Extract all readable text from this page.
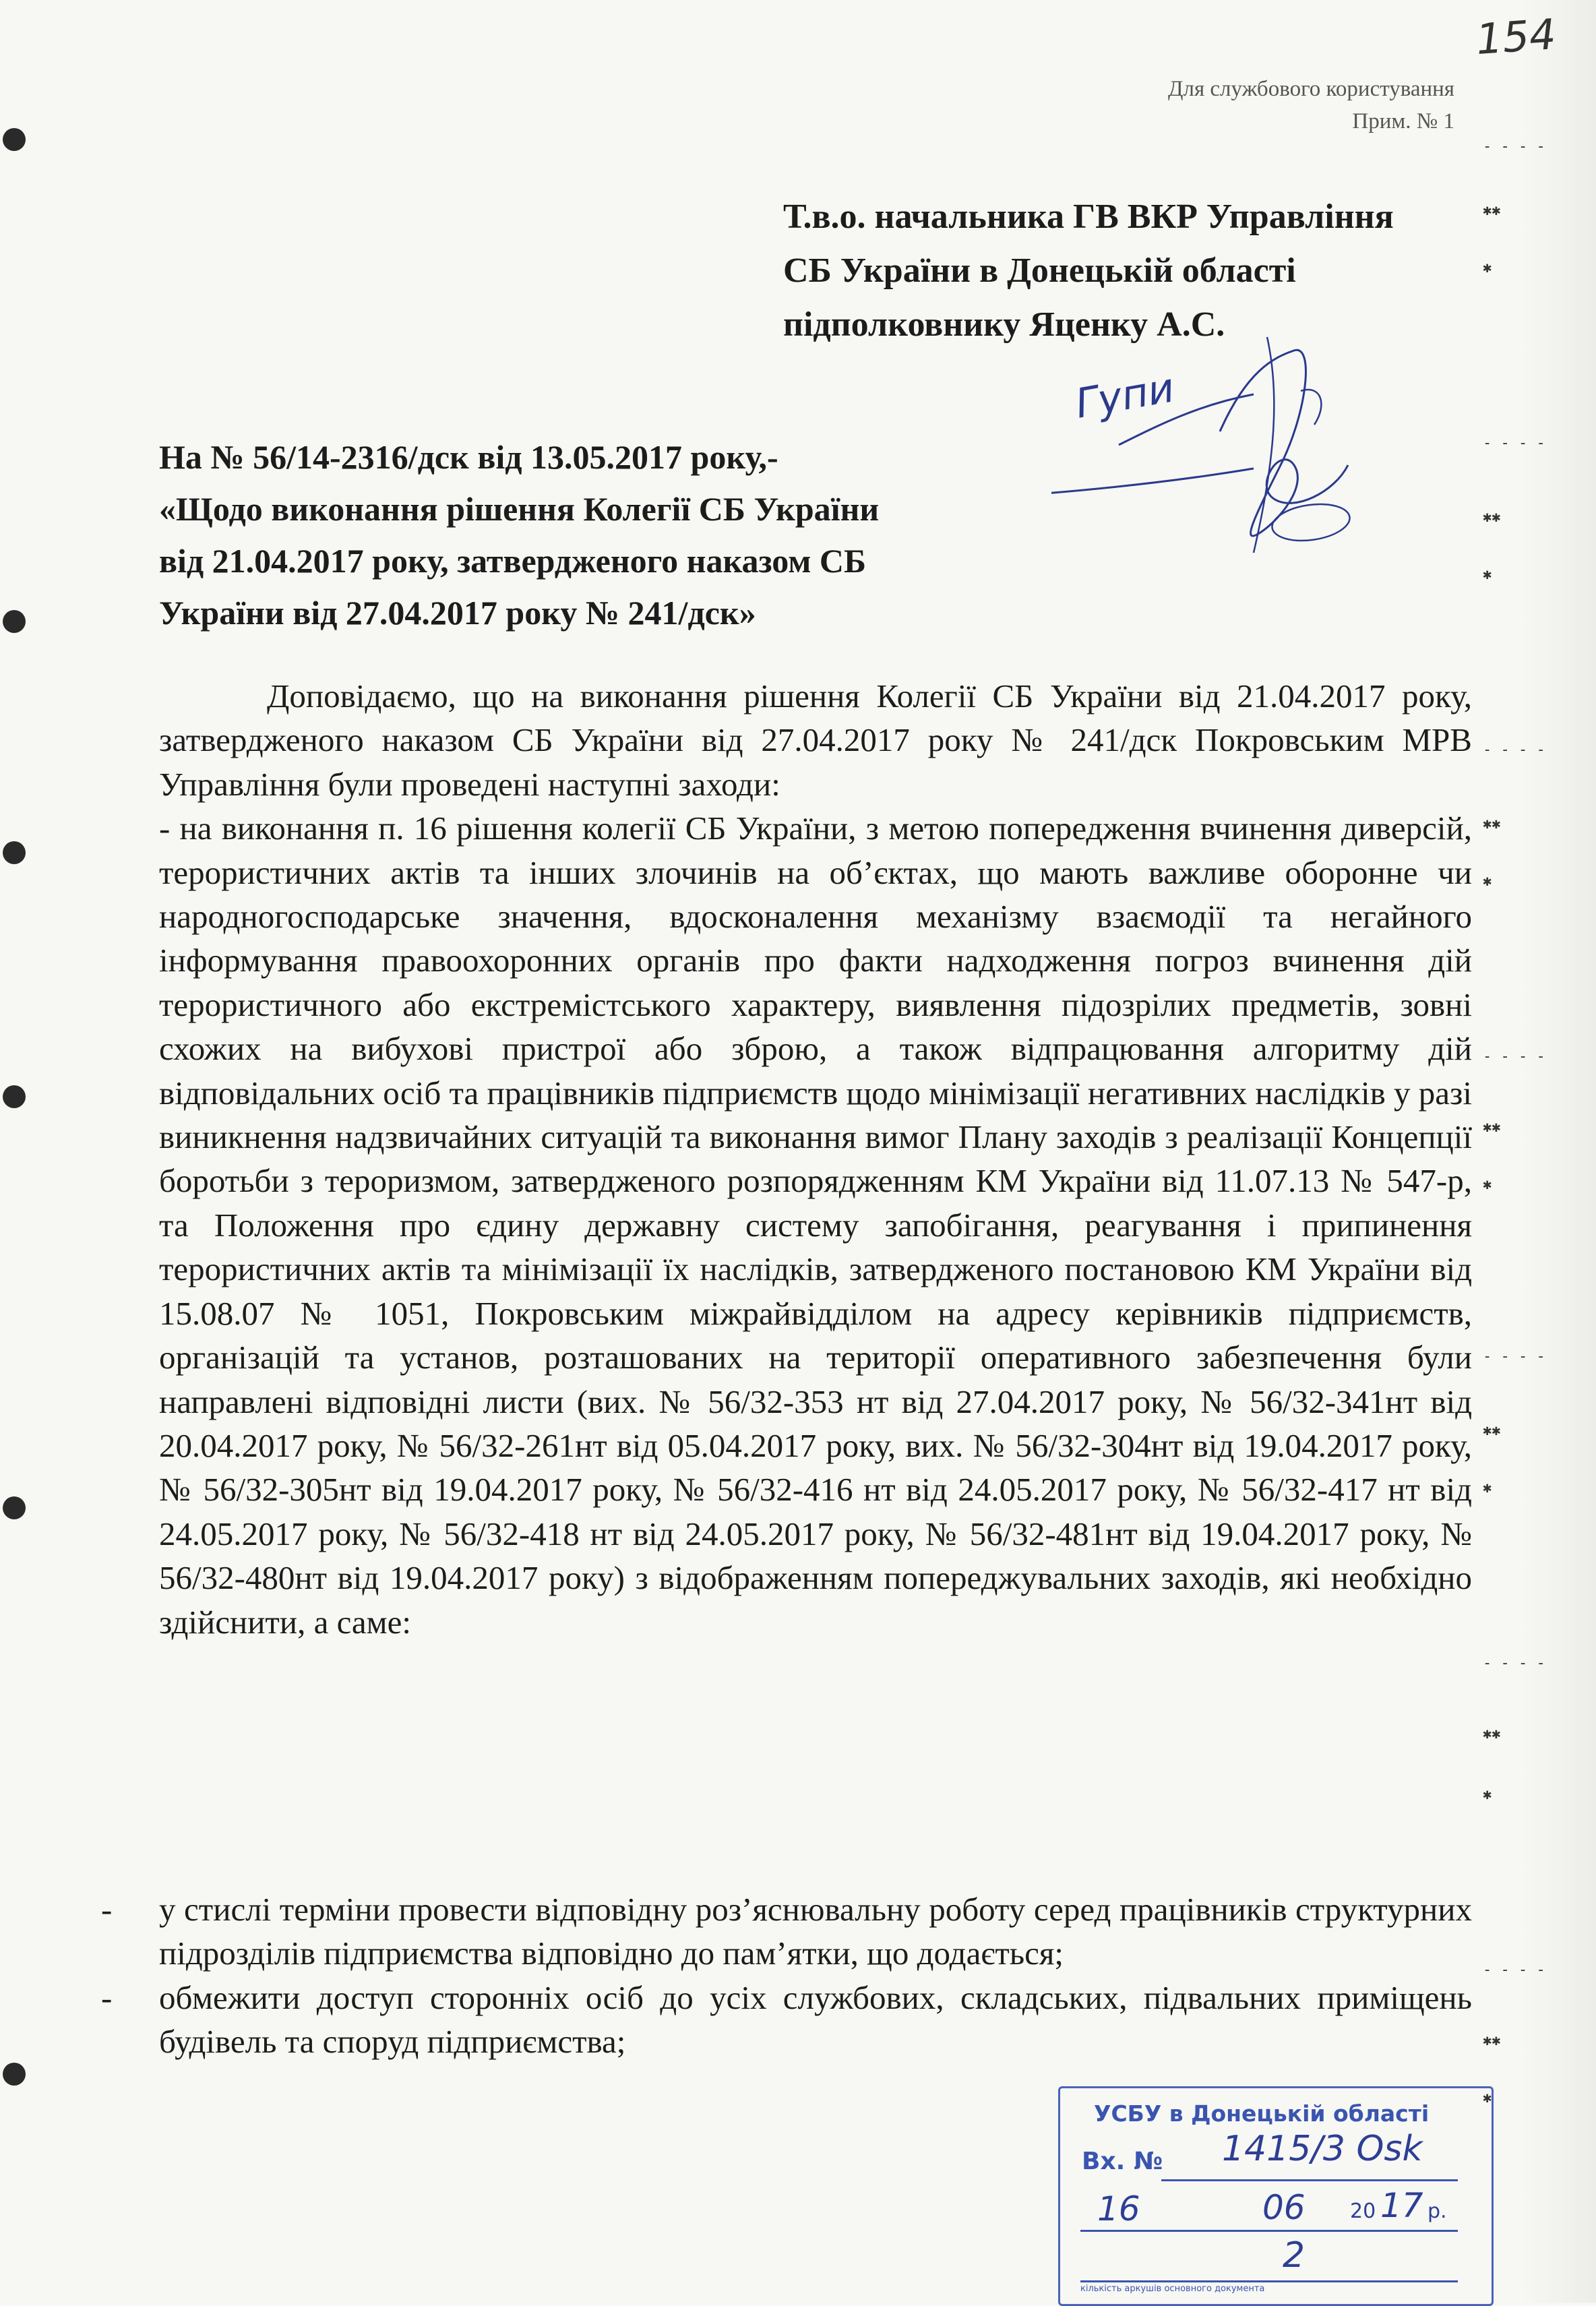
- - - -
✱✱
✱
- - - -
✱✱
✱
- - - -
✱✱
✱
- - - -
✱✱
✱
- - - -
✱✱
✱
- - - -
✱✱
✱
- - - -
✱✱
✱
154
Для службового користування
Прим. № 1
Т.в.о. начальника ГВ ВКР Управління
СБ України в Донецькій області
підполковнику Яценку А.С.
На № 56/14-2316/дск від 13.05.2017 року,-
«Щодо виконання рішення Колегії СБ України
від 21.04.2017 року, затвердженого наказом СБ
України від 27.04.2017 року № 241/дск»
Гупи

Доповідаємо, що на виконання рішення Колегії СБ України від 21.04.2017 року, затвердженого наказом СБ України від 27.04.2017 року № 241/дск Покровським МРВ Управління були проведені наступні заходи:

- на виконання п. 16 рішення колегії СБ України, з метою попередження вчинення диверсій, терористичних актів та інших злочинів на об’єктах, що мають важливе оборонне чи народногосподарське значення, вдосконалення механізму взаємодії та негайного інформування правоохоронних органів про факти надходження погроз вчинення дій терористичного або екстремістського характеру, виявлення підозрілих предметів, зовні схожих на вибухові пристрої або зброю, а також відпрацювання алгоритму дій відповідальних осіб та працівників підприємств щодо мінімізації негативних наслідків у разі виникнення надзвичайних ситуацій та виконання вимог Плану заходів з реалізації Концепції боротьби з тероризмом, затвердженого розпорядженням КМ України від 11.07.13 № 547-р, та Положення про єдину державну систему запобігання, реагування і припинення терористичних актів та мінімізації їх наслідків, затвердженого постановою КМ України від 15.08.07 № 1051, Покровським міжрайвідділом на адресу керівників підприємств, організацій та установ, розташованих на території оперативного забезпечення були направлені відповідні листи (вих. № 56/32-353 нт від 27.04.2017 року, № 56/32-341нт від 20.04.2017 року, № 56/32-261нт від 05.04.2017 року, вих. № 56/32-304нт від 19.04.2017 року, № 56/32-305нт від 19.04.2017 року, № 56/32-416 нт від 24.05.2017 року, № 56/32-417 нт від 24.05.2017 року, № 56/32-418 нт від 24.05.2017 року, № 56/32-481нт від 19.04.2017 року, № 56/32-480нт від 19.04.2017 року) з відображенням попереджувальних заходів, які необхідно здійснити, а саме:

- у стислі терміни провести відповідну роз’яснювальну роботу серед працівників структурних підрозділів підприємства відповідно до пам’ятки, що додається;
- обмежити доступ сторонніх осіб до усіх службових, складських, підвальних приміщень будівель та споруд підприємства;
УСБУ в Донецькій області
Вх. № 1415/3 Osk
16	06 20 17 р.
2
кількість аркушів основного документа
